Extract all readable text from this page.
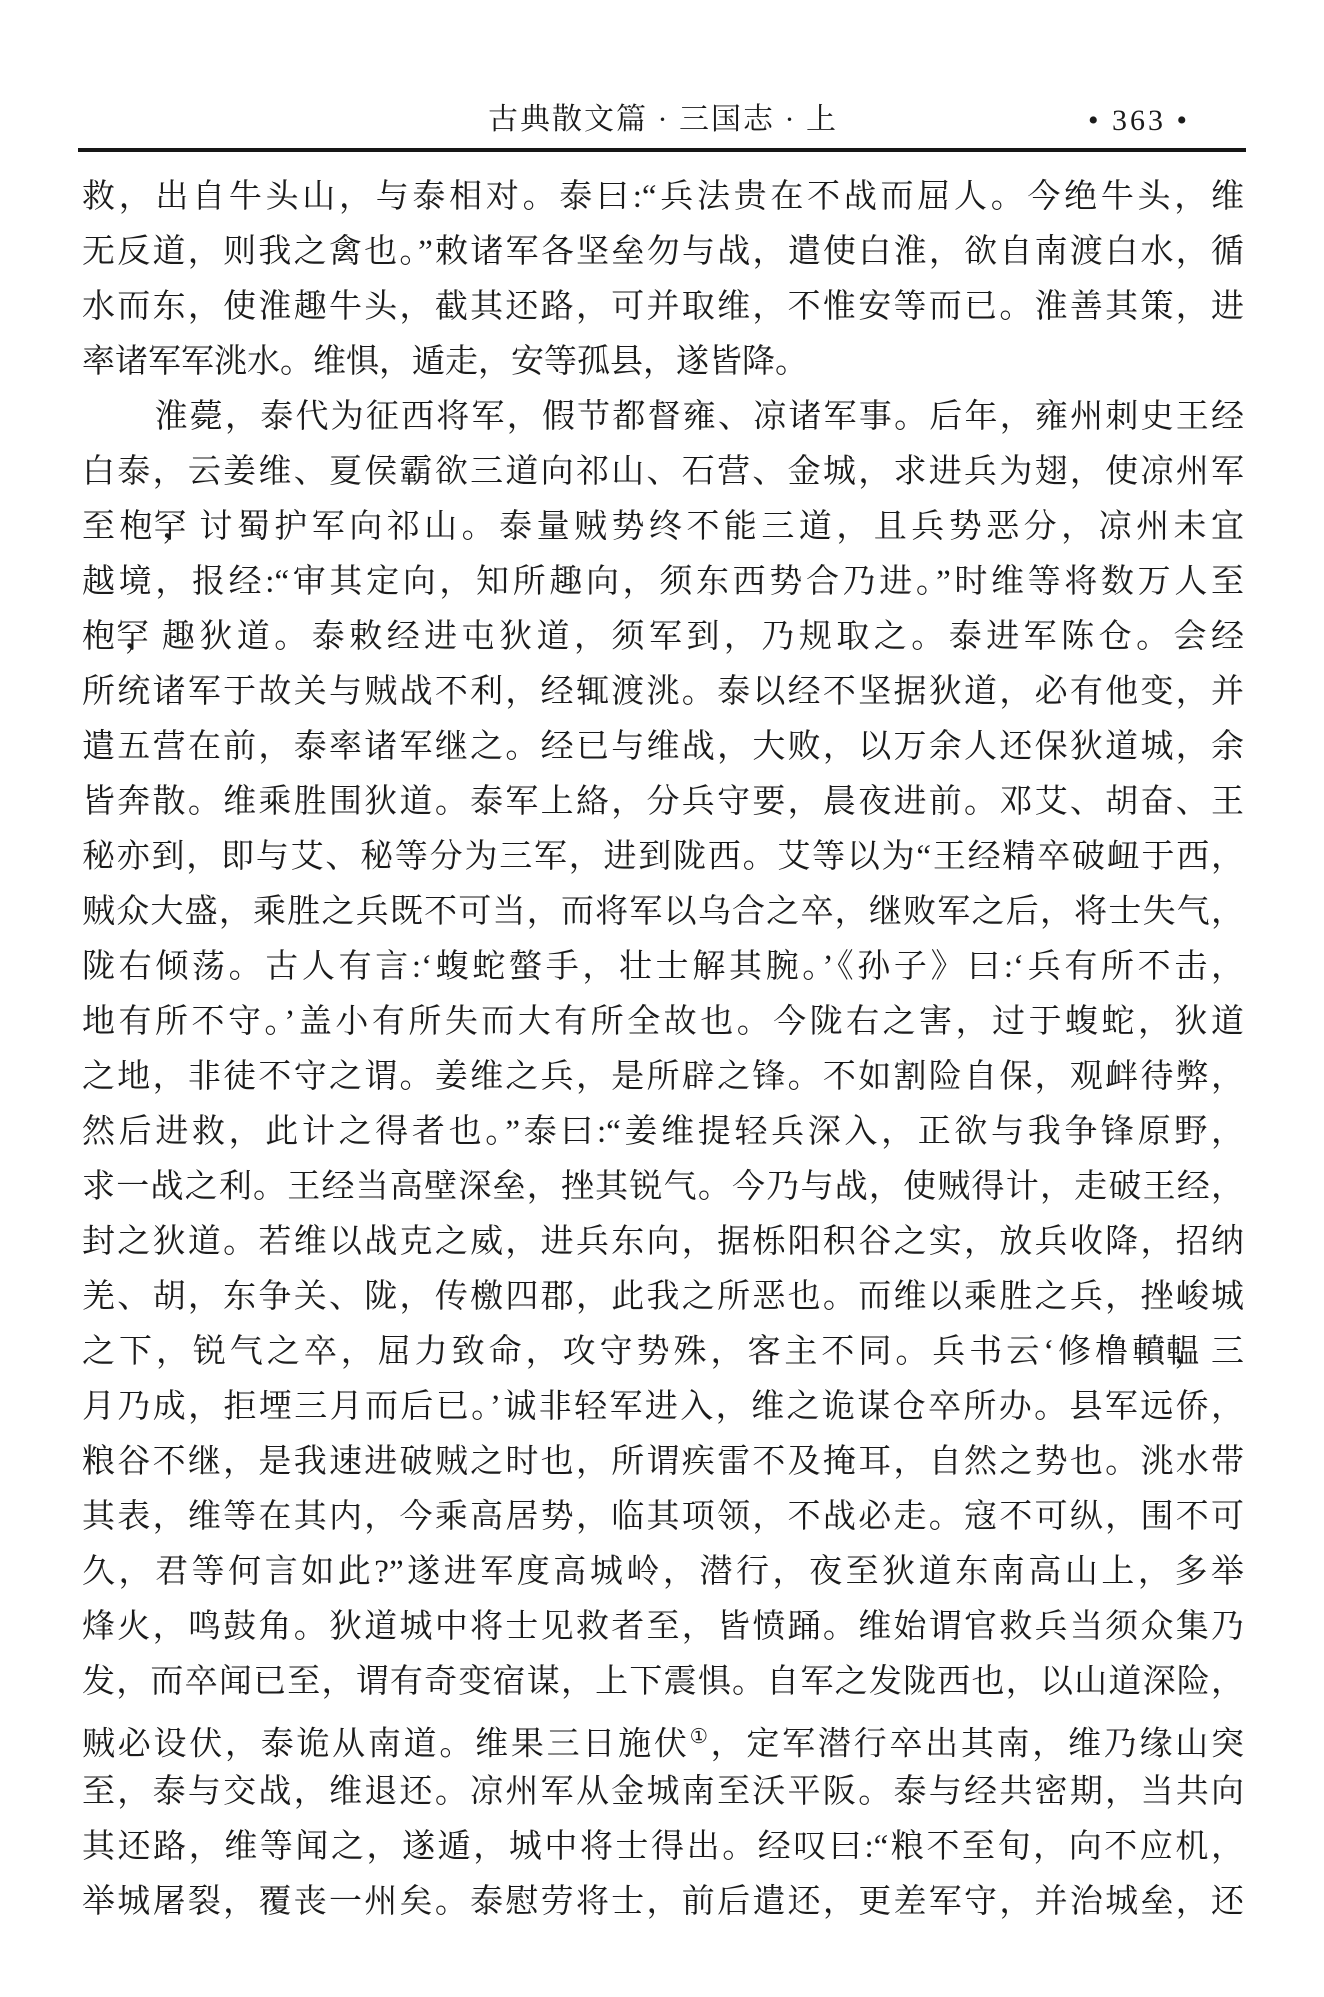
古典散文篇 · 三国志 · 上	• 363 •
救，出自牛头山，与泰相对。泰曰:“兵法贵在不战而屈人。今绝牛头，维
无反道，则我之禽也。”敕诸军各坚垒勿与战，遣使白淮，欲自南渡白水，循
水而东，使淮趣牛头，截其还路，可并取维，不惟安等而已。淮善其策，进
率诸军军洮水。维惧，遁走，安等孤县，遂皆降。
淮薨，泰代为征西将军，假节都督雍、凉诸军事。后年，雍州刺史王经
白泰，云姜维、夏侯霸欲三道向祁山、石营、金城，求进兵为翅，使凉州军
至枹罕，讨蜀护军向祁山。泰量贼势终不能三道，且兵势恶分，凉州未宜
越境，报经:“审其定向，知所趣向，须东西势合乃进。”时维等将数万人至
枹罕，趣狄道。泰敕经进屯狄道，须军到，乃规取之。泰进军陈仓。会经
所统诸军于故关与贼战不利，经辄渡洮。泰以经不坚据狄道，必有他变，并
遣五营在前，泰率诸军继之。经已与维战，大败，以万余人还保狄道城，余
皆奔散。维乘胜围狄道。泰军上絡，分兵守要，晨夜进前。邓艾、胡奋、王
秘亦到，即与艾、秘等分为三军，进到陇西。艾等以为“王经精卒破衄于西，
贼众大盛，乘胜之兵既不可当，而将军以乌合之卒，继败军之后，将士失气，
陇右倾荡。古人有言:‘蝮蛇螫手，壮士解其腕。’《孙子》曰:‘兵有所不击，
地有所不守。’盖小有所失而大有所全故也。今陇右之害，过于蝮蛇，狄道
之地，非徒不守之谓。姜维之兵，是所辟之锋。不如割险自保，观衅待弊，
然后进救，此计之得者也。”泰曰:“姜维提轻兵深入，正欲与我争锋原野，
求一战之利。王经当高壁深垒，挫其锐气。今乃与战，使贼得计，走破王经，
封之狄道。若维以战克之威，进兵东向，据栎阳积谷之实，放兵收降，招纳
羌、胡，东争关、陇，传檄四郡，此我之所恶也。而维以乘胜之兵，挫峻城
之下，锐气之卒，屈力致命，攻守势殊，客主不同。兵书云‘修橹轒輼，三
月乃成，拒堙三月而后已。’诚非轻军进入，维之诡谋仓卒所办。县军远侨，
粮谷不继，是我速进破贼之时也，所谓疾雷不及掩耳，自然之势也。洮水带
其表，维等在其内，今乘高居势，临其项领，不战必走。寇不可纵，围不可
久，君等何言如此?”遂进军度高城岭，潜行，夜至狄道东南高山上，多举
烽火，鸣鼓角。狄道城中将士见救者至，皆愤踊。维始谓官救兵当须众集乃
发，而卒闻已至，谓有奇变宿谋，上下震惧。自军之发陇西也，以山道深险，
贼必设伏，泰诡从南道。维果三日施伏①，定军潜行卒出其南，维乃缘山突
至，泰与交战，维退还。凉州军从金城南至沃平阪。泰与经共密期，当共向
其还路，维等闻之，遂遁，城中将士得出。经叹曰:“粮不至旬，向不应机，
举城屠裂，覆丧一州矣。泰慰劳将士，前后遣还，更差军守，并治城垒，还
